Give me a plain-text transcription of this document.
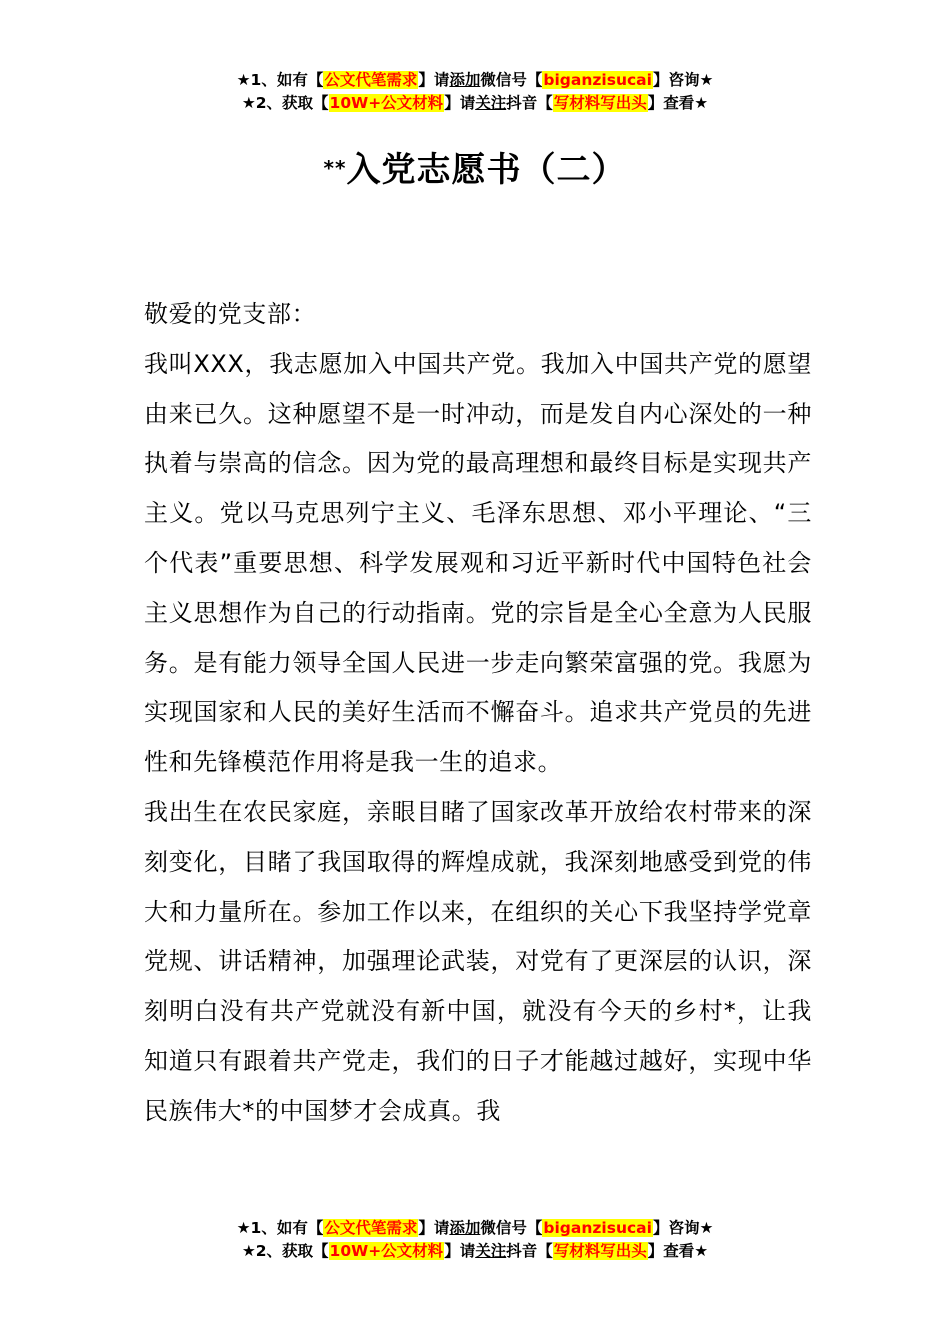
★1、如有【公文代笔需求】请添加微信号【biganzisucai】咨询★
★2、获取【10W+公文材料】请关注抖音【写材料写出头】查看★
**入党志愿书（二）

敬爱的党支部：

我叫XXX，我志愿加入中国共产党。我加入中国共产党的愿望由来已久。这种愿望不是一时冲动，而是发自内心深处的一种执着与崇高的信念。因为党的最高理想和最终目标是实现共产主义。党以马克思列宁主义、毛泽东思想、邓小平理论、“三个代表”重要思想、科学发展观和习近平新时代中国特色社会主义思想作为自己的行动指南。党的宗旨是全心全意为人民服务。是有能力领导全国人民进一步走向繁荣富强的党。我愿为实现国家和人民的美好生活而不懈奋斗。追求共产党员的先进性和先锋模范作用将是我一生的追求。

我出生在农民家庭，亲眼目睹了国家改革开放给农村带来的深刻变化，目睹了我国取得的辉煌成就，我深刻地感受到党的伟大和力量所在。参加工作以来，在组织的关心下我坚持学党章党规、讲话精神，加强理论武装，对党有了更深层的认识，深刻明白没有共产党就没有新中国，就没有今天的乡村*，让我知道只有跟着共产党走，我们的日子才能越过越好，实现中华民族伟大*的中国梦才会成真。我

★1、如有【公文代笔需求】请添加微信号【biganzisucai】咨询★
★2、获取【10W+公文材料】请关注抖音【写材料写出头】查看★
